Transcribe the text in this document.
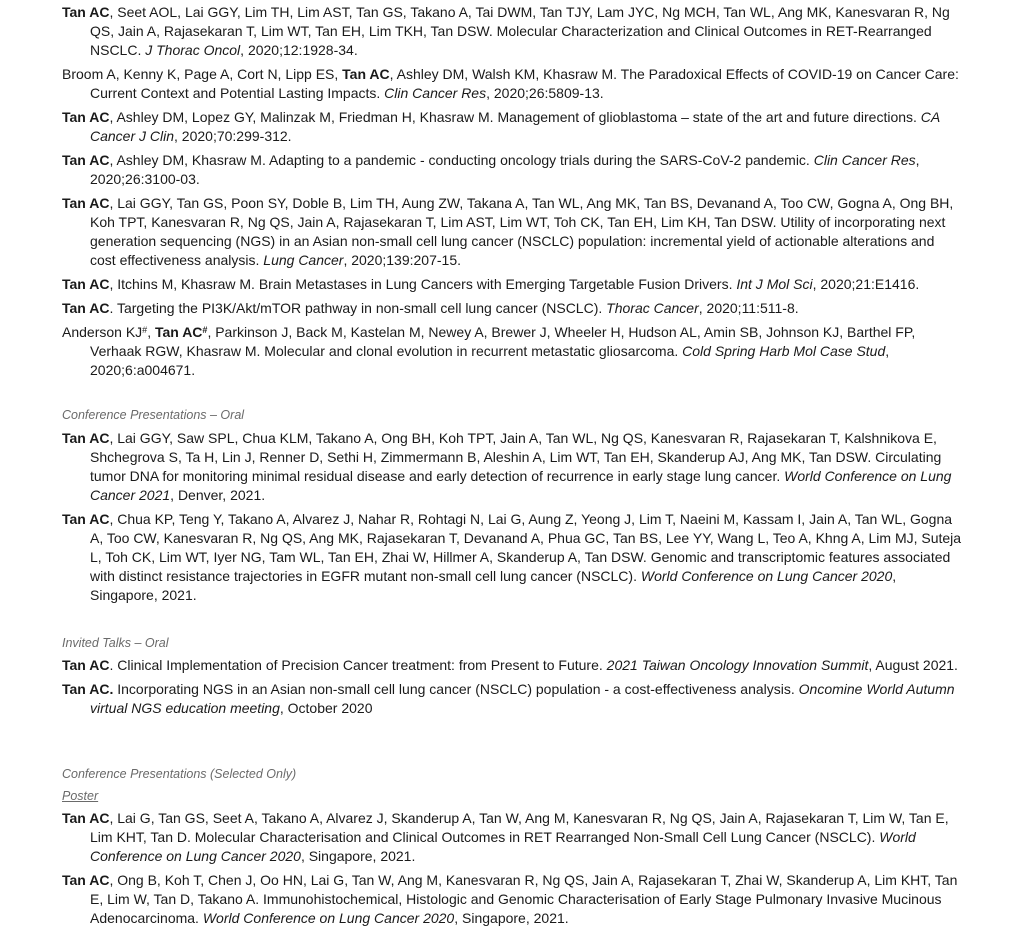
Tan AC, Seet AOL, Lai GGY, Lim TH, Lim AST, Tan GS, Takano A, Tai DWM, Tan TJY, Lam JYC, Ng MCH, Tan WL, Ang MK, Kanesvaran R, Ng QS, Jain A, Rajasekaran T, Lim WT, Tan EH, Lim TKH, Tan DSW. Molecular Characterization and Clinical Outcomes in RET-Rearranged NSCLC. J Thorac Oncol, 2020;12:1928-34.

Broom A, Kenny K, Page A, Cort N, Lipp ES, Tan AC, Ashley DM, Walsh KM, Khasraw M. The Paradoxical Effects of COVID-19 on Cancer Care: Current Context and Potential Lasting Impacts. Clin Cancer Res, 2020;26:5809-13.

Tan AC, Ashley DM, Lopez GY, Malinzak M, Friedman H, Khasraw M. Management of glioblastoma – state of the art and future directions. CA Cancer J Clin, 2020;70:299-312.

Tan AC, Ashley DM, Khasraw M. Adapting to a pandemic - conducting oncology trials during the SARS-CoV-2 pandemic. Clin Cancer Res, 2020;26:3100-03.

Tan AC, Lai GGY, Tan GS, Poon SY, Doble B, Lim TH, Aung ZW, Takana A, Tan WL, Ang MK, Tan BS, Devanand A, Too CW, Gogna A, Ong BH, Koh TPT, Kanesvaran R, Ng QS, Jain A, Rajasekaran T, Lim AST, Lim WT, Toh CK, Tan EH, Lim KH, Tan DSW. Utility of incorporating next generation sequencing (NGS) in an Asian non-small cell lung cancer (NSCLC) population: incremental yield of actionable alterations and cost effectiveness analysis. Lung Cancer, 2020;139:207-15.

Tan AC, Itchins M, Khasraw M. Brain Metastases in Lung Cancers with Emerging Targetable Fusion Drivers. Int J Mol Sci, 2020;21:E1416.

Tan AC. Targeting the PI3K/Akt/mTOR pathway in non-small cell lung cancer (NSCLC). Thorac Cancer, 2020;11:511-8.

Anderson KJ#, Tan AC#, Parkinson J, Back M, Kastelan M, Newey A, Brewer J, Wheeler H, Hudson AL, Amin SB, Johnson KJ, Barthel FP, Verhaak RGW, Khasraw M. Molecular and clonal evolution in recurrent metastatic gliosarcoma. Cold Spring Harb Mol Case Stud, 2020;6:a004671.

Conference Presentations – Oral

Tan AC, Lai GGY, Saw SPL, Chua KLM, Takano A, Ong BH, Koh TPT, Jain A, Tan WL, Ng QS, Kanesvaran R, Rajasekaran T, Kalshnikova E, Shchegrova S, Ta H, Lin J, Renner D, Sethi H, Zimmermann B, Aleshin A, Lim WT, Tan EH, Skanderup AJ, Ang MK, Tan DSW. Circulating tumor DNA for monitoring minimal residual disease and early detection of recurrence in early stage lung cancer. World Conference on Lung Cancer 2021, Denver, 2021.

Tan AC, Chua KP, Teng Y, Takano A, Alvarez J, Nahar R, Rohtagi N, Lai G, Aung Z, Yeong J, Lim T, Naeini M, Kassam I, Jain A, Tan WL, Gogna A, Too CW, Kanesvaran R, Ng QS, Ang MK, Rajasekaran T, Devanand A, Phua GC, Tan BS, Lee YY, Wang L, Teo A, Khng A, Lim MJ, Suteja L, Toh CK, Lim WT, Iyer NG, Tam WL, Tan EH, Zhai W, Hillmer A, Skanderup A, Tan DSW. Genomic and transcriptomic features associated with distinct resistance trajectories in EGFR mutant non-small cell lung cancer (NSCLC). World Conference on Lung Cancer 2020, Singapore, 2021.

Invited Talks – Oral

Tan AC. Clinical Implementation of Precision Cancer treatment: from Present to Future. 2021 Taiwan Oncology Innovation Summit, August 2021.

Tan AC. Incorporating NGS in an Asian non-small cell lung cancer (NSCLC) population - a cost-effectiveness analysis. Oncomine World Autumn virtual NGS education meeting, October 2020

Conference Presentations (Selected Only)

Poster

Tan AC, Lai G, Tan GS, Seet A, Takano A, Alvarez J, Skanderup A, Tan W, Ang M, Kanesvaran R, Ng QS, Jain A, Rajasekaran T, Lim W, Tan E, Lim KHT, Tan D. Molecular Characterisation and Clinical Outcomes in RET Rearranged Non-Small Cell Lung Cancer (NSCLC). World Conference on Lung Cancer 2020, Singapore, 2021.

Tan AC, Ong B, Koh T, Chen J, Oo HN, Lai G, Tan W, Ang M, Kanesvaran R, Ng QS, Jain A, Rajasekaran T, Zhai W, Skanderup A, Lim KHT, Tan E, Lim W, Tan D, Takano A. Immunohistochemical, Histologic and Genomic Characterisation of Early Stage Pulmonary Invasive Mucinous Adenocarcinoma. World Conference on Lung Cancer 2020, Singapore, 2021.
